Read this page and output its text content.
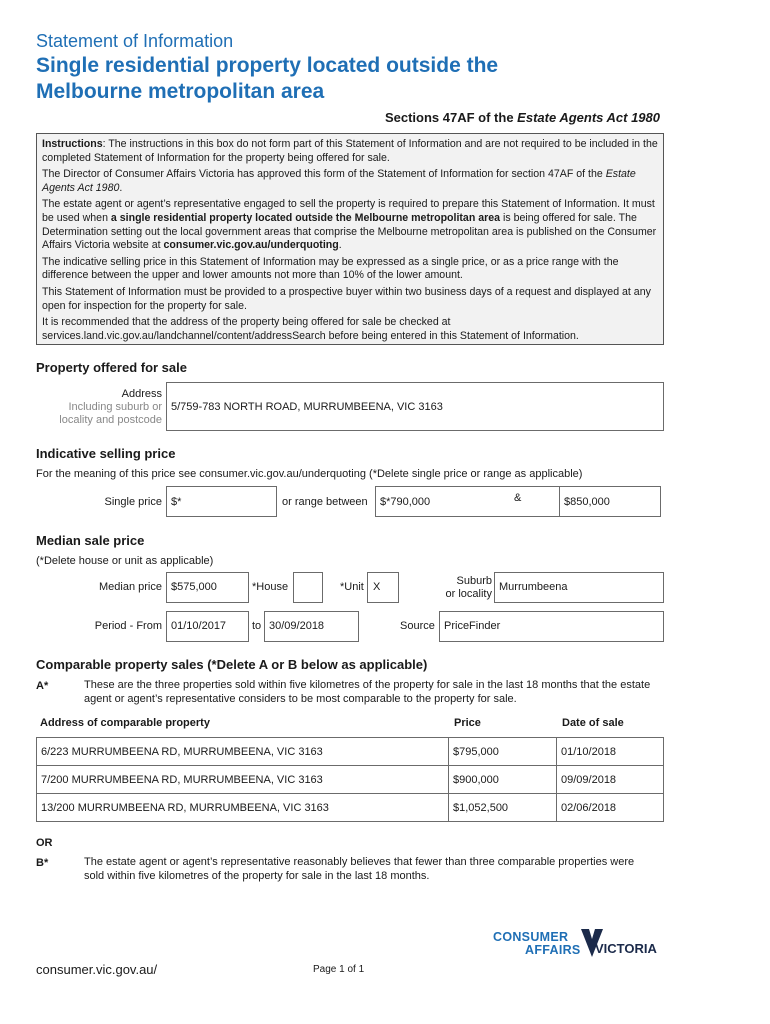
Statement of Information
Single residential property located outside the
Melbourne metropolitan area
Sections 47AF of the Estate Agents Act 1980

Instructions: The instructions in this box do not form part of this Statement of Information and are not required to be included in the completed Statement of Information for the property being offered for sale.

The Director of Consumer Affairs Victoria has approved this form of the Statement of Information for section 47AF of the Estate Agents Act 1980.

The estate agent or agent’s representative engaged to sell the property is required to prepare this Statement of Information. It must be used when a single residential property located outside the Melbourne metropolitan area is being offered for sale. The Determination setting out the local government areas that comprise the Melbourne metropolitan area is published on the Consumer Affairs Victoria website at consumer.vic.gov.au/underquoting.

The indicative selling price in this Statement of Information may be expressed as a single price, or as a price range with the difference between the upper and lower amounts not more than 10% of the lower amount.

This Statement of Information must be provided to a prospective buyer within two business days of a request and displayed at any open for inspection for the property for sale.

It is recommended that the address of the property being offered for sale be checked at services.land.vic.gov.au/landchannel/content/addressSearch before being entered in this Statement of Information.

Property offered for sale
Address
Including suburb or
locality and postcode
5/759-783 NORTH ROAD, MURRUMBEENA, VIC 3163
Indicative selling price
For the meaning of this price see consumer.vic.gov.au/underquoting (*Delete single price or range as applicable)
Single price $*	or range between $*790,000	&	$850,000
Median sale price
(*Delete house or unit as applicable)
Median price $575,000	*House	*Unit X	Suburb
or locality
Murrumbeena
Period - From 01/10/2017 to 30/09/2018	Source PriceFinder
Comparable property sales (*Delete A or B below as applicable)
A*	These are the three properties sold within five kilometres of the property for sale in the last 18 months that the estate agent or agent’s representative considers to be most comparable to the property for sale.
Address of comparable property	Price	Date of sale
6/223 MURRUMBEENA RD, MURRUMBEENA, VIC 3163	$795,000	01/10/2018
7/200 MURRUMBEENA RD, MURRUMBEENA, VIC 3163	$900,000	09/09/2018
13/200 MURRUMBEENA RD, MURRUMBEENA, VIC 3163	$1,052,500	02/06/2018
OR
B*	The estate agent or agent’s representative reasonably believes that fewer than three comparable properties were sold within five kilometres of the property for sale in the last 18 months.
CONSUMER
AFFAIRS VICTORIA
consumer.vic.gov.au/	Page 1 of 1
